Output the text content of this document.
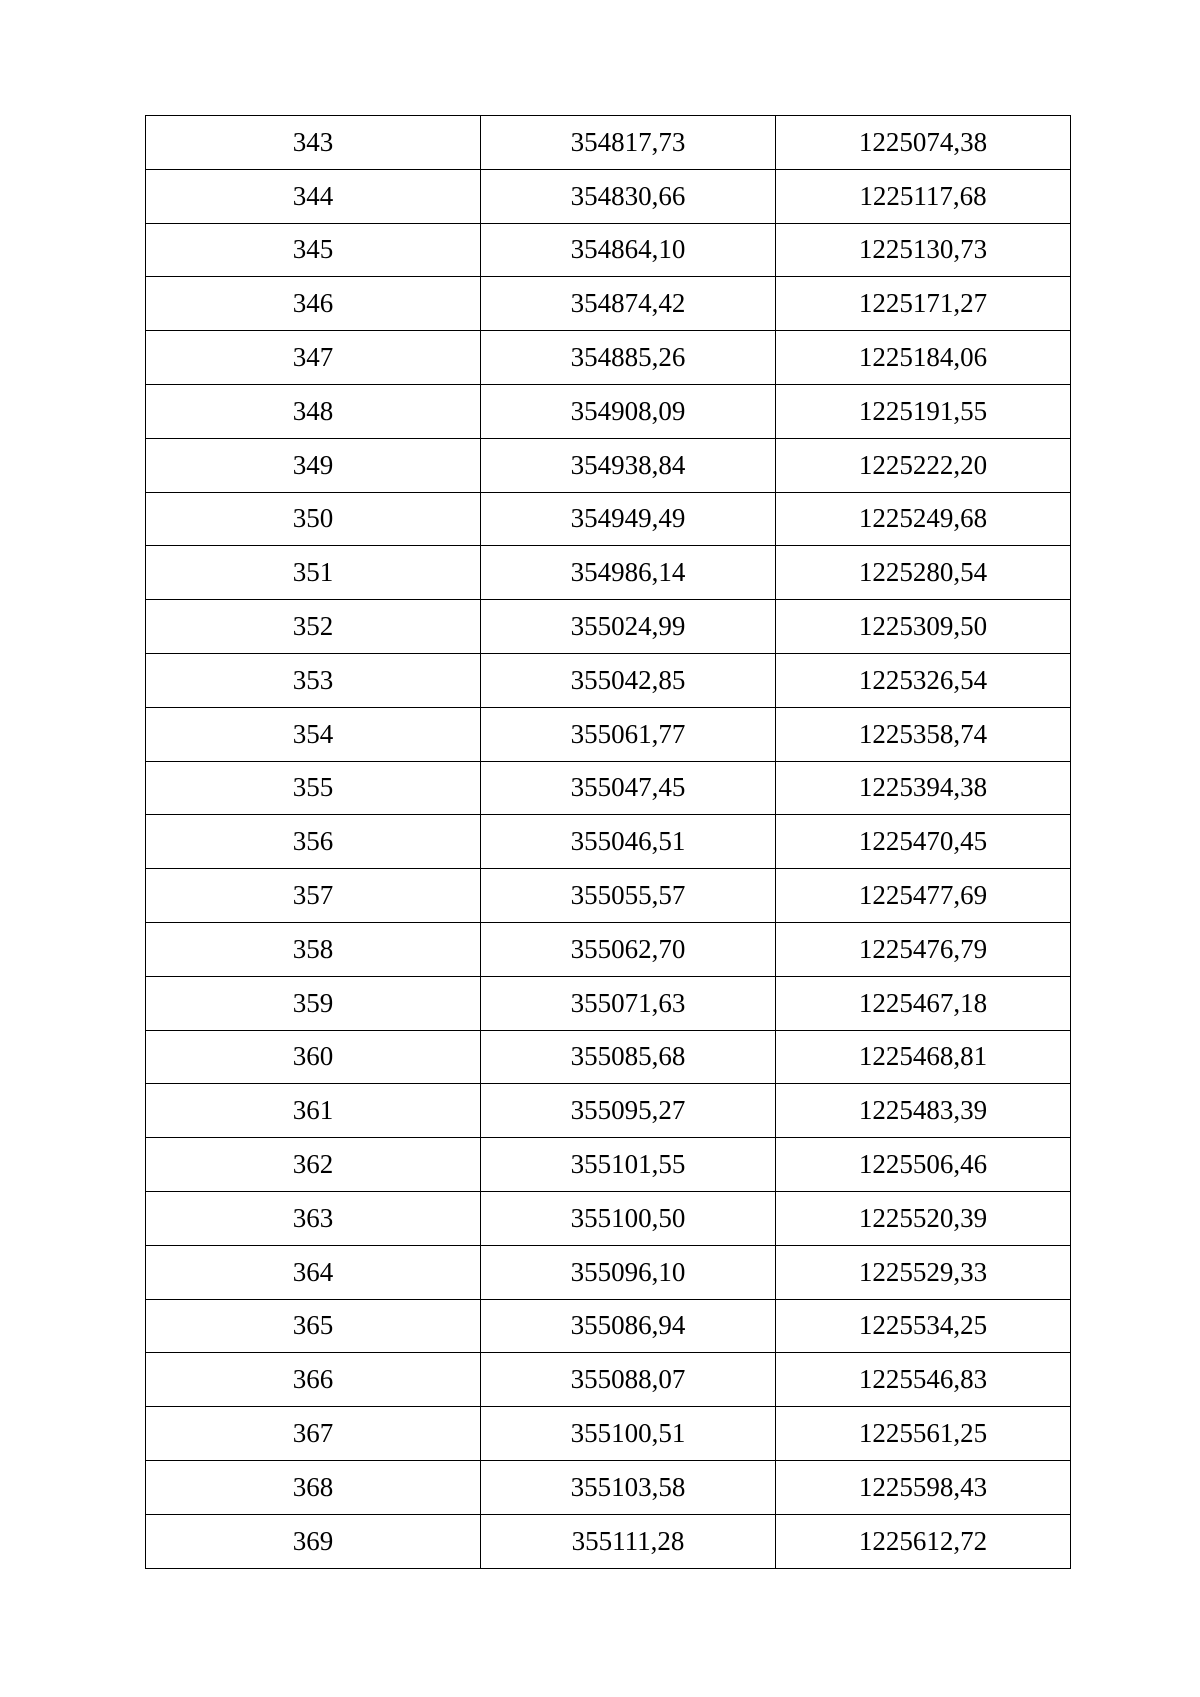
343	354817,73	1225074,38
344	354830,66	1225117,68
345	354864,10	1225130,73
346	354874,42	1225171,27
347	354885,26	1225184,06
348	354908,09	1225191,55
349	354938,84	1225222,20
350	354949,49	1225249,68
351	354986,14	1225280,54
352	355024,99	1225309,50
353	355042,85	1225326,54
354	355061,77	1225358,74
355	355047,45	1225394,38
356	355046,51	1225470,45
357	355055,57	1225477,69
358	355062,70	1225476,79
359	355071,63	1225467,18
360	355085,68	1225468,81
361	355095,27	1225483,39
362	355101,55	1225506,46
363	355100,50	1225520,39
364	355096,10	1225529,33
365	355086,94	1225534,25
366	355088,07	1225546,83
367	355100,51	1225561,25
368	355103,58	1225598,43
369	355111,28	1225612,72
